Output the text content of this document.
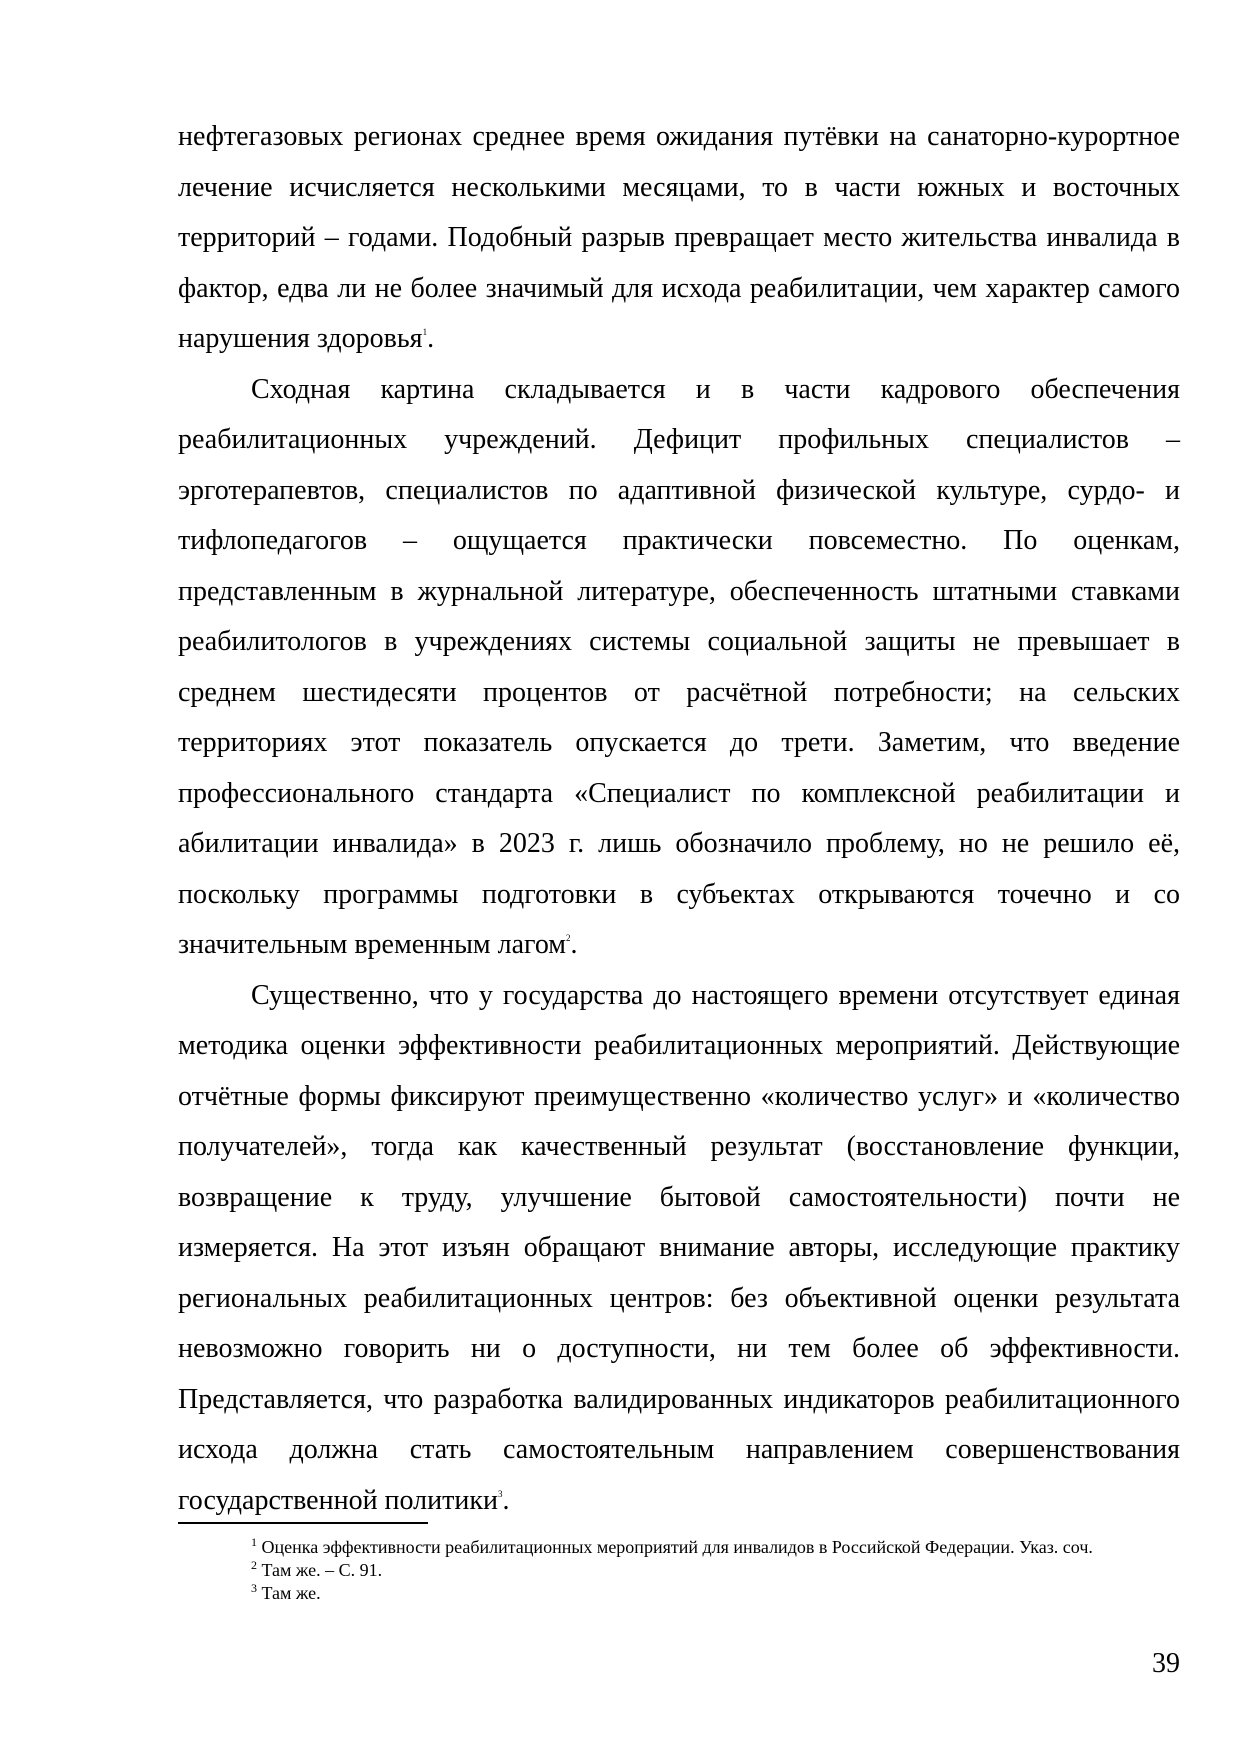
нефтегазовых регионах среднее время ожидания путёвки на санаторно-курортное лечение исчисляется несколькими месяцами, то в части южных и восточных территорий – годами. Подобный разрыв превращает место жительства инвалида в фактор, едва ли не более значимый для исхода реабилитации, чем характер самого нарушения здоровья$^1$.

Сходная картина складывается и в части кадрового обеспечения реабилитационных учреждений. Дефицит профильных специалистов – эрготерапевтов, специалистов по адаптивной физической культуре, сурдо- и тифлопедагогов – ощущается практически повсеместно. По оценкам, представленным в журнальной литературе, обеспеченность штатными ставками реабилитологов в учреждениях системы социальной защиты не превышает в среднем шестидесяти процентов от расчётной потребности; на сельских территориях этот показатель опускается до трети. Заметим, что введение профессионального стандарта «Специалист по комплексной реабилитации и абилитации инвалида» в 2023 г. лишь обозначило проблему, но не решило её, поскольку программы подготовки в субъектах открываются точечно и со значительным временным лагом$^2$.

Существенно, что у государства до настоящего времени отсутствует единая методика оценки эффективности реабилитационных мероприятий. Действующие отчётные формы фиксируют преимущественно «количество услуг» и «количество получателей», тогда как качественный результат (восстановление функции, возвращение к труду, улучшение бытовой самостоятельности) почти не измеряется. На этот изъян обращают внимание авторы, исследующие практику региональных реабилитационных центров: без объективной оценки результата невозможно говорить ни о доступности, ни тем более об эффективности. Представляется, что разработка валидированных индикаторов реабилитационного исхода должна стать самостоятельным направлением совершенствования государственной политики$^3$.

$^1$ Оценка эффективности реабилитационных мероприятий для инвалидов в Российской Федерации. Указ. соч.

$^2$ Там же. – С. 91.

$^3$ Там же.

39
